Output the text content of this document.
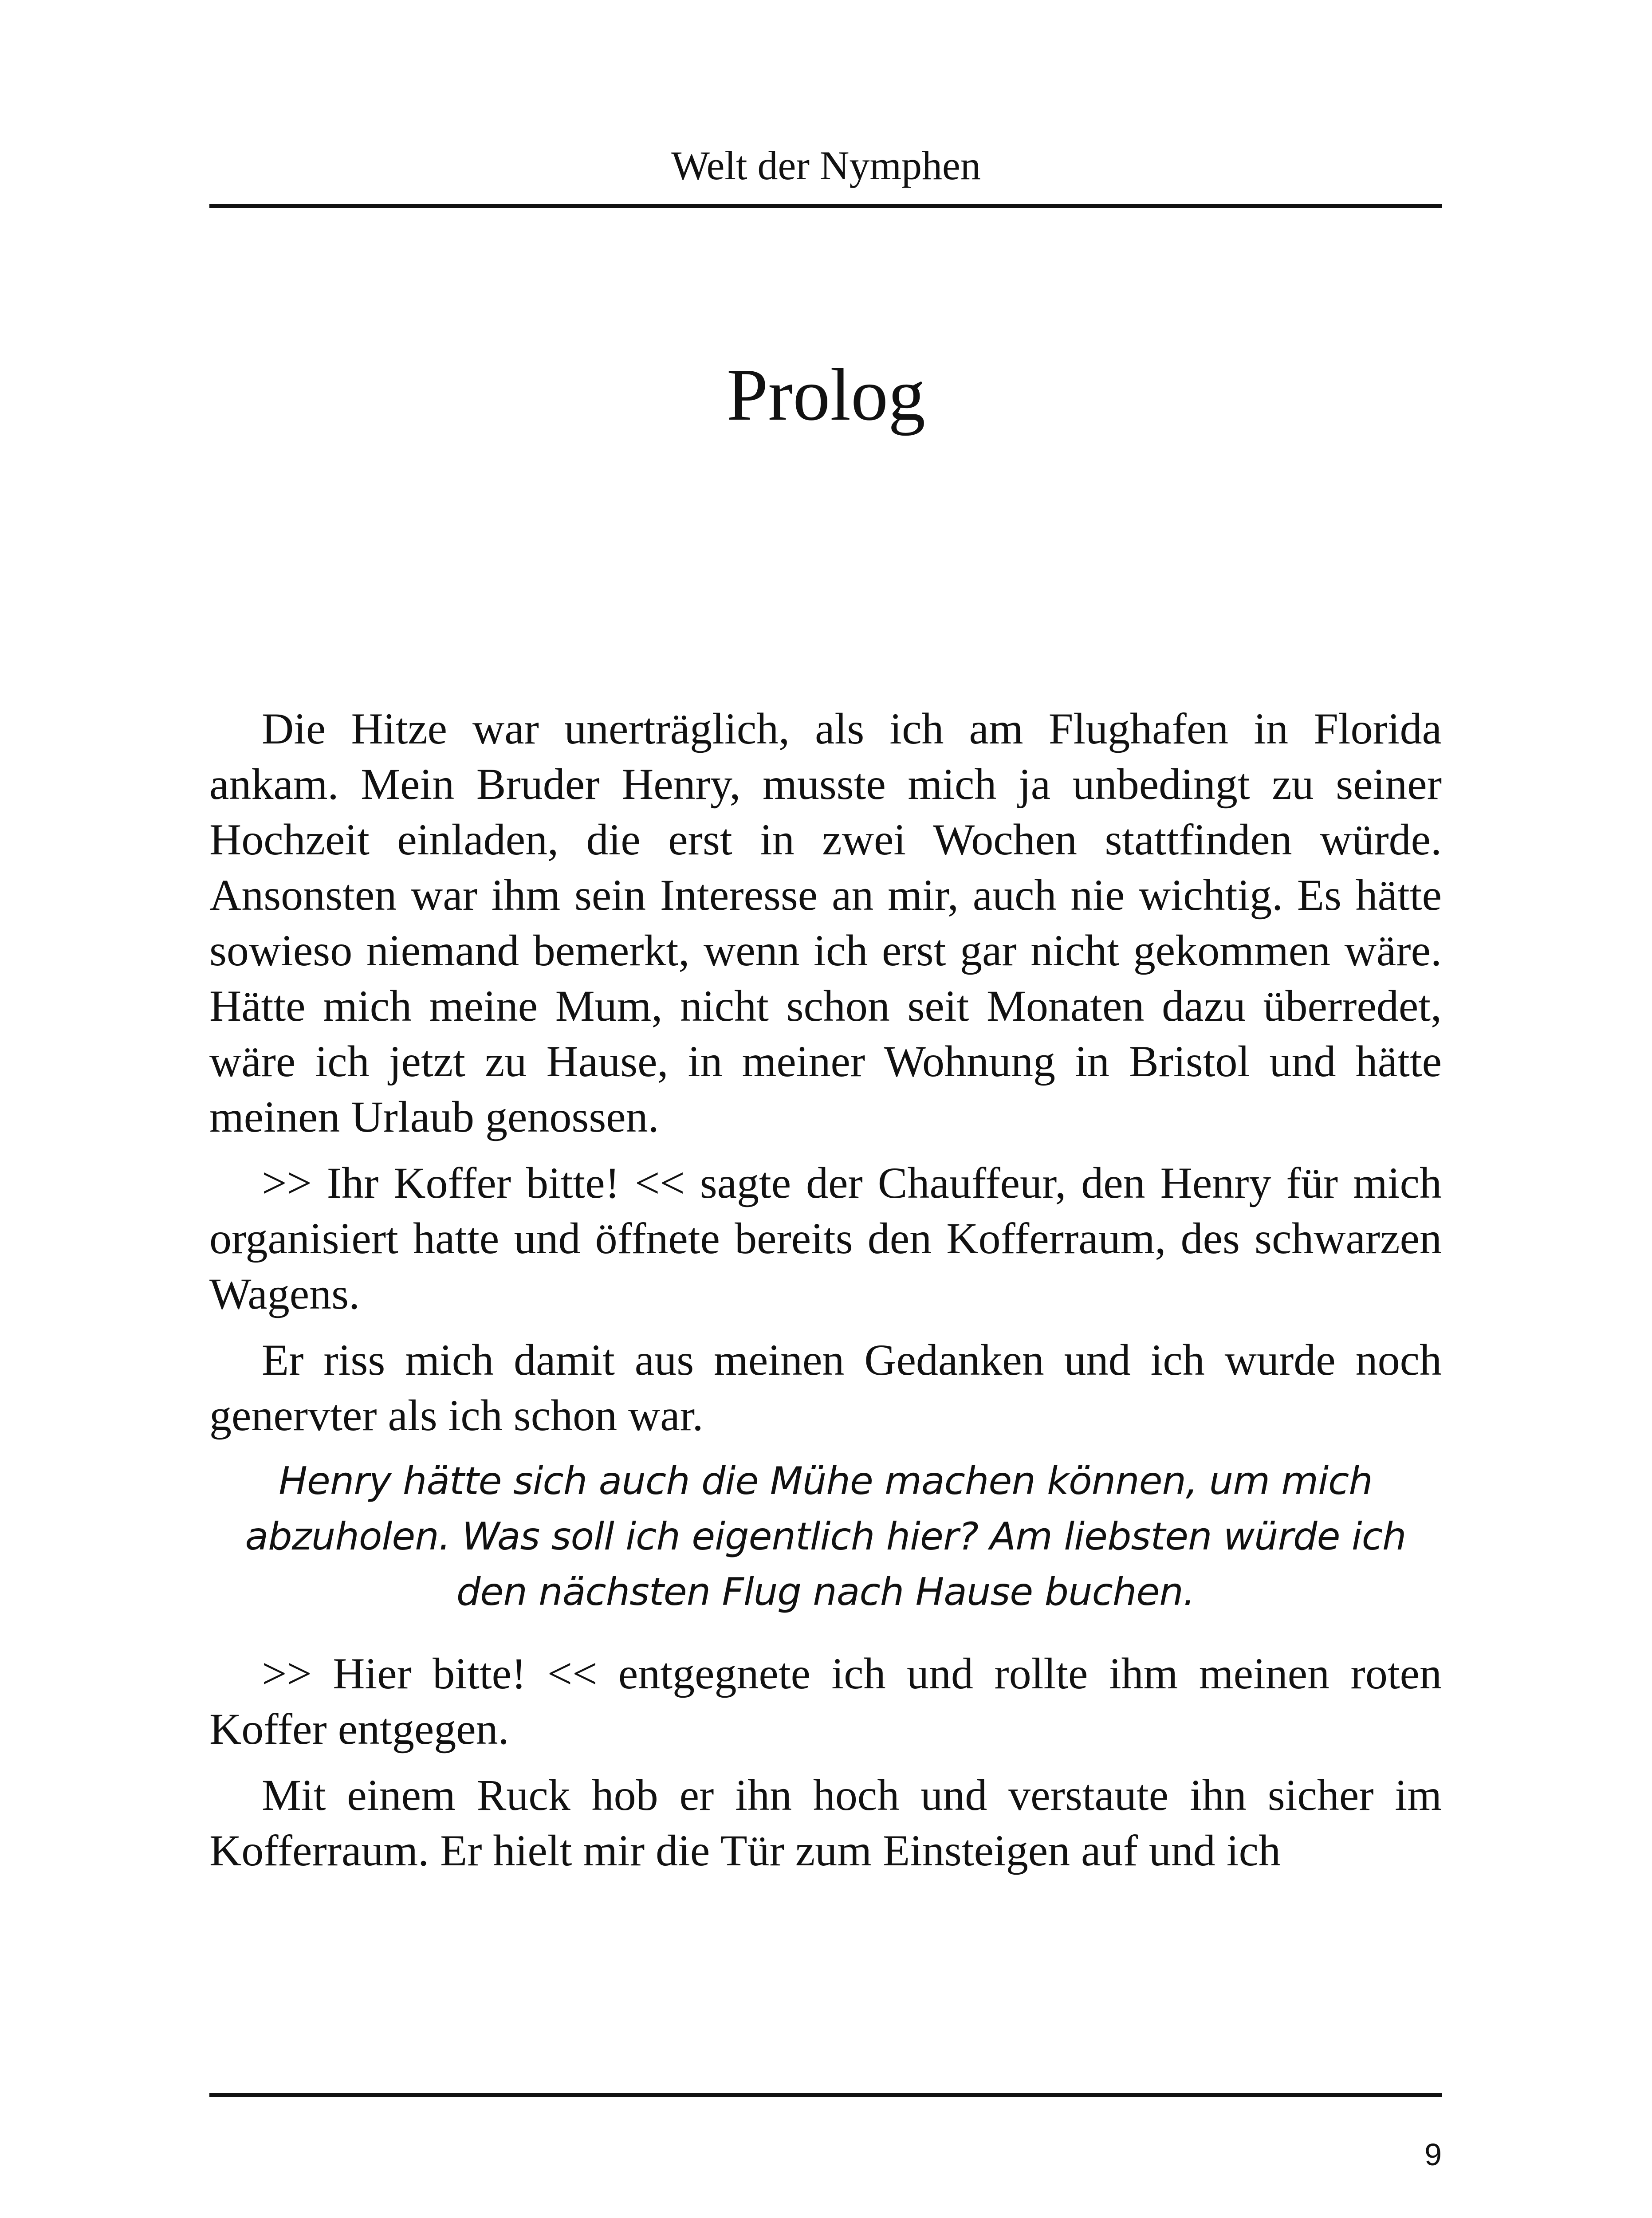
Welt der Nymphen
Prolog

Die Hitze war unerträglich, als ich am Flughafen in Florida ankam. Mein Bruder Henry, musste mich ja unbedingt zu seiner Hochzeit einladen, die erst in zwei Wochen stattfinden würde. Ansonsten war ihm sein Interesse an mir, auch nie wichtig. Es hätte sowieso niemand bemerkt, wenn ich erst gar nicht gekommen wäre. Hätte mich meine Mum, nicht schon seit Monaten dazu überredet, wäre ich jetzt zu Hause, in meiner Wohnung in Bristol und hätte meinen Urlaub genossen.

>> Ihr Koffer bitte! << sagte der Chauffeur, den Henry für mich organisiert hatte und öffnete bereits den Kofferraum, des schwarzen Wagens.

Er riss mich damit aus meinen Gedanken und ich wurde noch genervter als ich schon war.

Henry hätte sich auch die Mühe machen können, um mich abzuholen. Was soll ich eigentlich hier? Am liebsten würde ich den nächsten Flug nach Hause buchen.

>> Hier bitte! << entgegnete ich und rollte ihm meinen roten Koffer entgegen.

Mit einem Ruck hob er ihn hoch und verstaute ihn sicher im Kofferraum. Er hielt mir die Tür zum Einsteigen auf und ich

9
